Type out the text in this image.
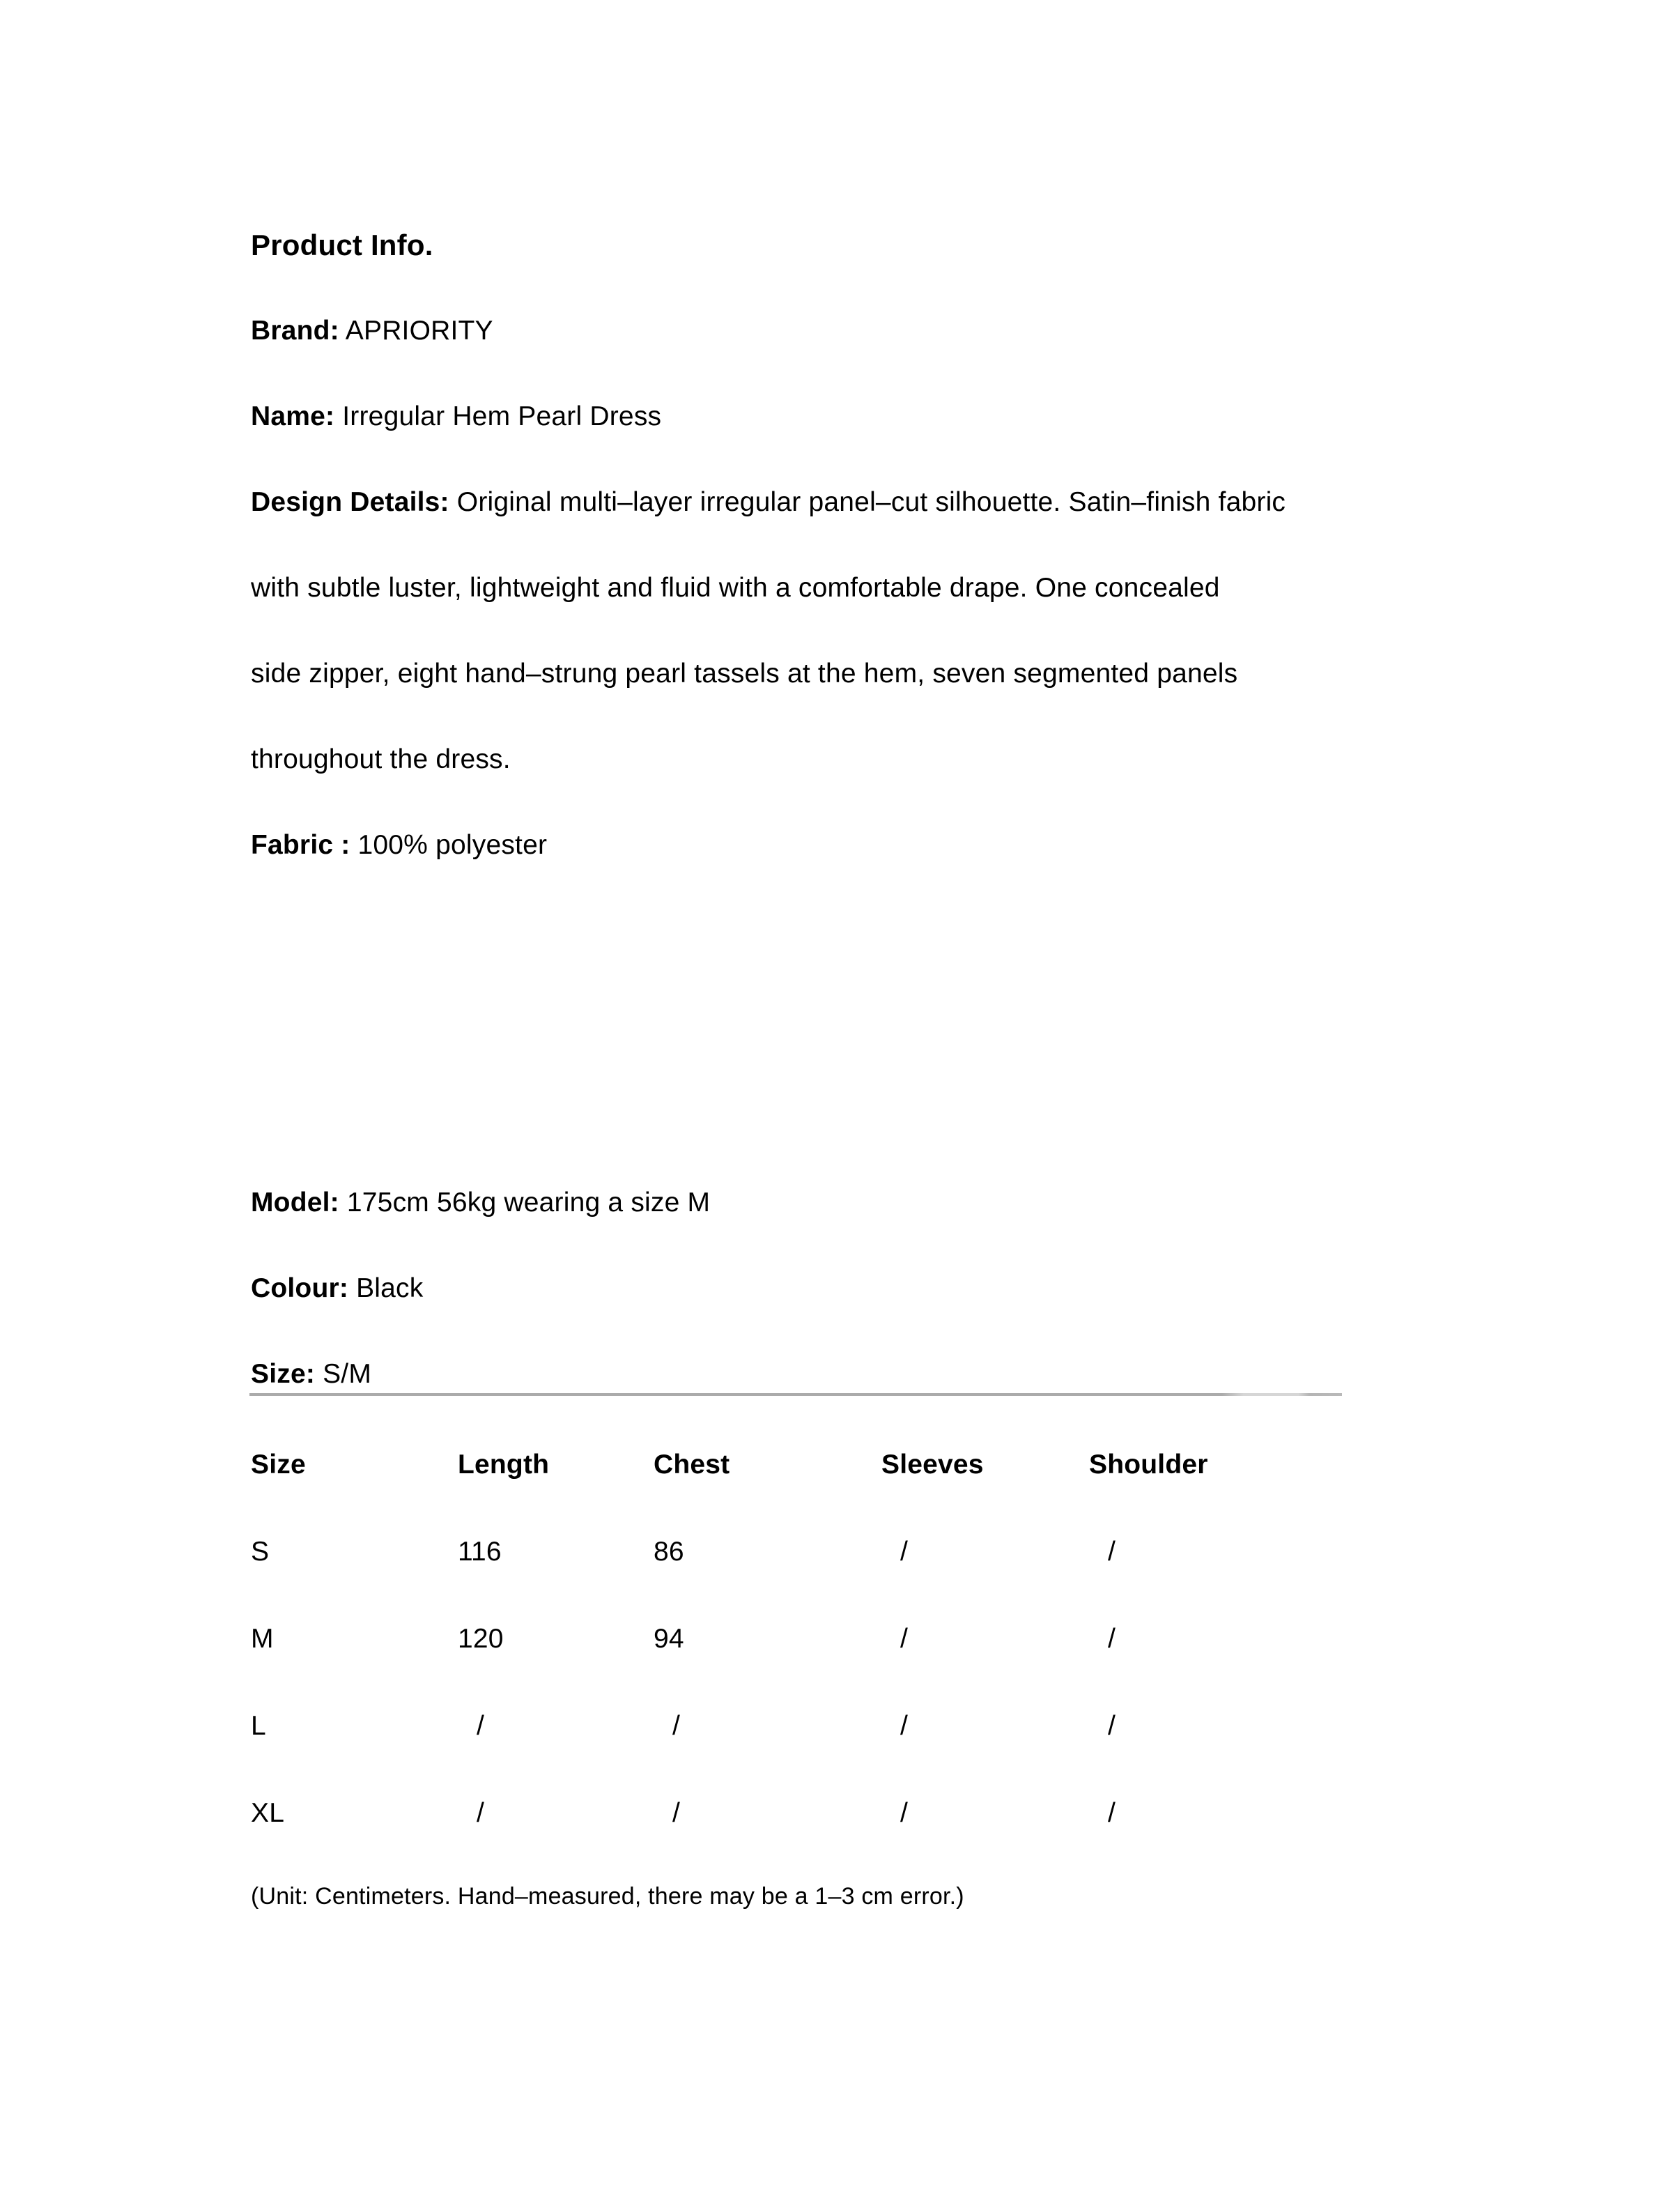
Product Info.
Brand: APRIORITY
Name: Irregular Hem Pearl Dress
Design Details: Original multi–layer irregular panel–cut silhouette. Satin–finish fabric
with subtle luster, lightweight and fluid with a comfortable drape. One concealed
side zipper, eight hand–strung pearl tassels at the hem, seven segmented panels
throughout the dress.
Fabric : 100% polyester
Model: 175cm 56kg wearing a size M
Colour: Black
Size: S/M
Size	Length	Chest	Sleeves	Shoulder
S	116	86	/	/
M	120	94	/	/
L	/	/	/	/
XL	/	/	/	/
(Unit: Centimeters. Hand–measured, there may be a 1–3 cm error.)
